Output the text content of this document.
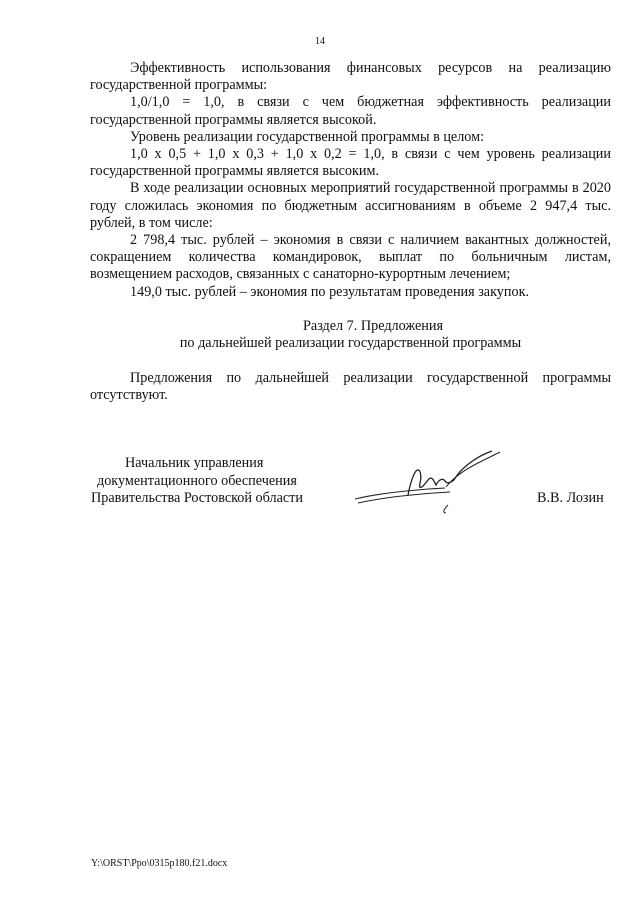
14

Эффективность использования финансовых ресурсов на реализацию государственной программы:

1,0/1,0 = 1,0, в связи с чем бюджетная эффективность реализации государственной программы является высокой.

Уровень реализации государственной программы в целом:

1,0 х 0,5 + 1,0 х 0,3 + 1,0 х 0,2 = 1,0, в связи с чем уровень реализации государственной программы является высоким.

В ходе реализации основных мероприятий государственной программы в 2020 году сложилась экономия по бюджетным ассигнованиям в объеме 2 947,4 тыс. рублей, в том числе:

2 798,4 тыс. рублей – экономия в связи с наличием вакантных должностей, сокращением количества командировок, выплат по больничным листам, возмещением расходов, связанных с санаторно-курортным лечением;

149,0 тыс. рублей – экономия по результатам проведения закупок.

Раздел 7. Предложения
по дальнейшей реализации государственной программы

Предложения по дальнейшей реализации государственной программы отсутствуют.

Начальник управления
документационного обеспечения
Правительства Ростовской области	В.В. Лозин
Y:\ORST\Ppo\0315p180.f21.docx
